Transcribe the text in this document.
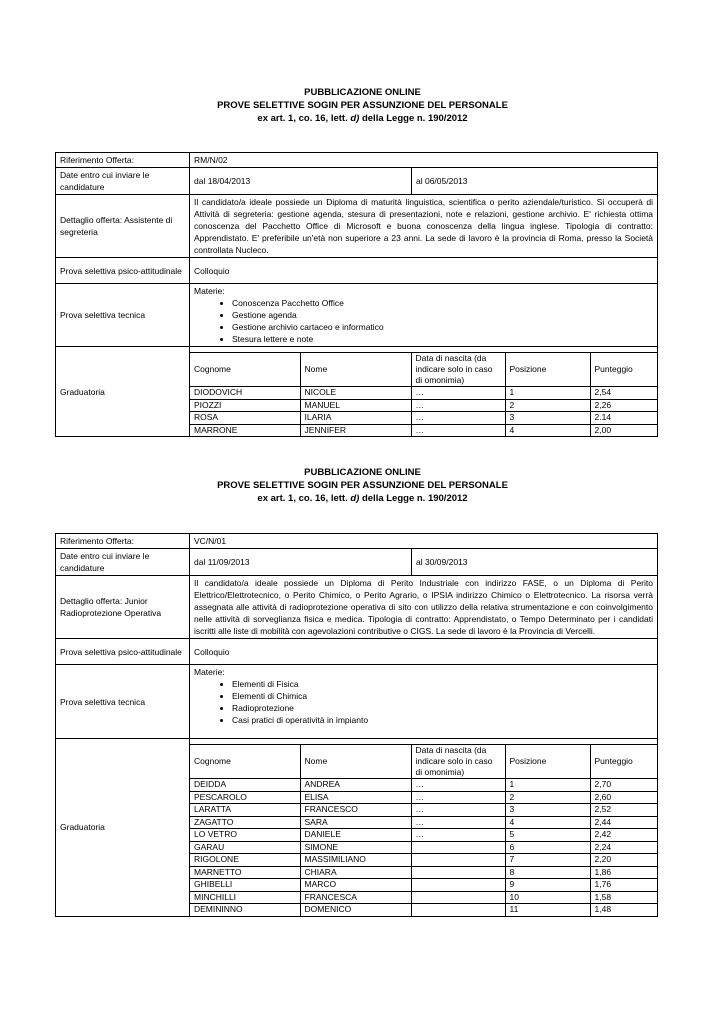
PUBBLICAZIONE ONLINE
PROVE SELETTIVE SOGIN PER ASSUNZIONE DEL PERSONALE
ex art. 1, co. 16, lett. d) della Legge n. 190/2012
Riferimento Offerta:	RM/N/02
Date entro cui inviare le candidature	dal 18/04/2013	al 06/05/2013
Dettaglio offerta: Assistente di segreteria	Il candidato/a ideale possiede un Diploma di maturità linguistica, scientifica o perito aziendale/turistico. Si occuperà di Attività di segreteria: gestione agenda, stesura di presentazioni, note e relazioni, gestione archivio. E' richiesta ottima conoscenza del Pacchetto Office di Microsoft e buona conoscenza della lingua inglese. Tipologia di contratto: Apprendistato. E' preferibile un'età non superiore a 23 anni. La sede di lavoro è la provincia di Roma, presso la Società controllata Nucleco.
Prova selettiva psico-attitudinale	Colloquio
Prova selettiva tecnica	
Materie:
• Conoscenza Pacchetto Office
• Gestione agenda
• Gestione archivio cartaceo e informatico
• Stesura lettere e note

Graduatoria	
Cognome	Nome	Data di nascita (da indicare solo in caso di omonimia)	Posizione	Punteggio
DIODOVICH	NICOLE	…	1	2,54
PIOZZI	MANUEL	…	2	2,26
ROSA	ILARIA	…	3	2.14
MARRONE	JENNIFER	…	4	2,00
PUBBLICAZIONE ONLINE
PROVE SELETTIVE SOGIN PER ASSUNZIONE DEL PERSONALE
ex art. 1, co. 16, lett. d) della Legge n. 190/2012
Riferimento Offerta:	VC/N/01
Date entro cui inviare le candidature	dal 11/09/2013	al 30/09/2013
Dettaglio offerta: Junior Radioprotezione Operativa	Il candidato/a ideale possiede un Diploma di Perito Industriale con indirizzo FASE, o un Diploma di Perito Elettrico/Elettrotecnico, o Perito Chimico, o Perito Agrario, o IPSIA indirizzo Chimico o Elettrotecnico. La risorsa verrà assegnata alle attività di radioprotezione operativa di sito con utilizzo della relativa strumentazione e con coinvolgimento nelle attività di sorveglianza fisica e medica. Tipologia di contratto: Apprendistato, o Tempo Determinato per i candidati iscritti alle liste di mobilità con agevolazioni contributive o CIGS. La sede di lavoro è la Provincia di Vercelli.
Prova selettiva psico-attitudinale	Colloquio
Prova selettiva tecnica	
Materie:
• Elementi di Fisica
• Elementi di Chimica
• Radioprotezione
• Casi pratici di operatività in impianto

Graduatoria	
Cognome	Nome	Data di nascita (da indicare solo in caso di omonimia)	Posizione	Punteggio
DEIDDA	ANDREA	…	1	2,70
PESCAROLO	ELISA	…	2	2,60
LARATTA	FRANCESCO	…	3	2,52
ZAGATTO	SARA	…	4	2,44
LO VETRO	DANIELE	…	5	2,42
GARAU	SIMONE		6	2,24
RIGOLONE	MASSIMILIANO		7	2,20
MARNETTO	CHIARA		8	1,86
GHIBELLI	MARCO		9	1,76
MINCHILLI	FRANCESCA		10	1,58
DEMININNO	DOMENICO		11	1,48
